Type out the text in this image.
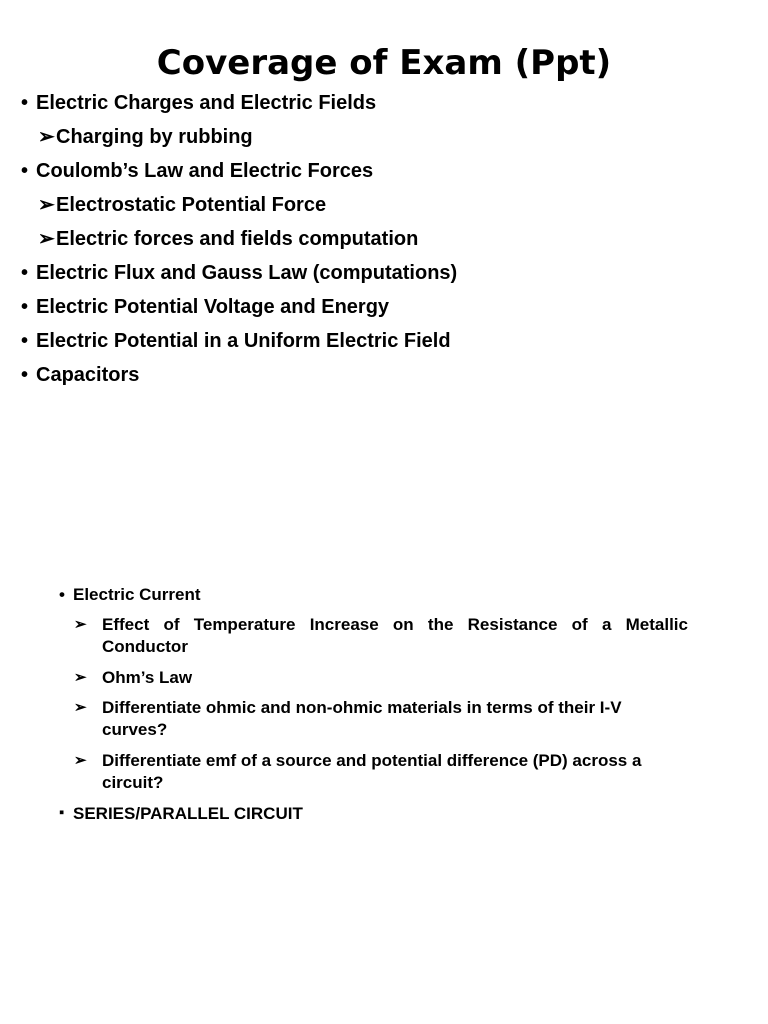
Coverage of Exam (Ppt)
• Electric Charges and Electric Fields
➢ Charging by rubbing
• Coulomb’s Law and Electric Forces
➢ Electrostatic Potential Force
➢ Electric forces and fields computation
• Electric Flux and Gauss Law (computations)
• Electric Potential Voltage and Energy
• Electric Potential in a Uniform Electric Field
• Capacitors
• Electric Current
➢ Effect of Temperature Increase on the Resistance of a Metallic Conductor
➢ Ohm’s Law
➢ Differentiate ohmic and non-ohmic materials in terms of their I-V curves?
➢ Differentiate emf of a source and potential difference (PD) across a circuit?
▪ SERIES/PARALLEL CIRCUIT
